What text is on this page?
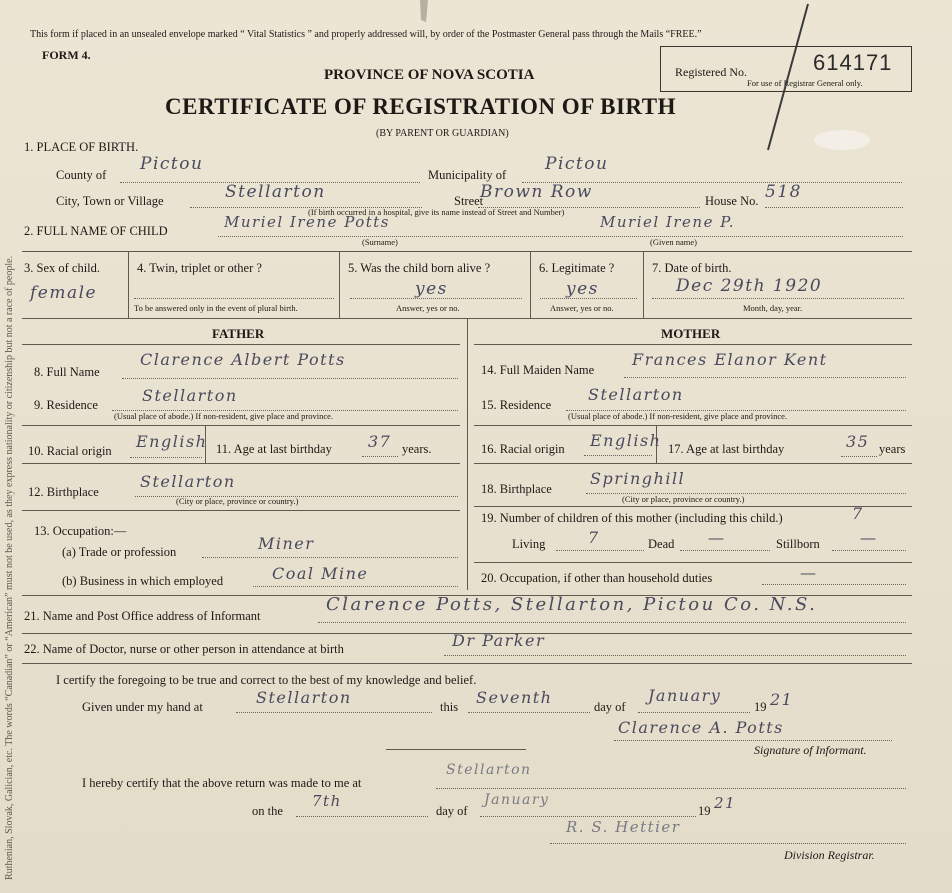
Ruthenian, Slovak, Galician, etc. The words “Canadian” or “American” must not be used, as they express nationality or citizenship but not a race of people.
This form if placed in an unsealed envelope marked “ Vital Statistics ” and properly addressed will, by order of the Postmaster General pass through the Mails “FREE.”
FORM 4.
PROVINCE OF NOVA SCOTIA
CERTIFICATE OF REGISTRATION OF BIRTH
(BY PARENT OR GUARDIAN)
Registered No.	614171
For use of Registrar General only.
1. PLACE OF BIRTH.
County of
Pictou
Municipality of
Pictou
City, Town or Village	Stellarton	Street
Brown Row	House No. 518
(If birth occurred in a hospital, give its name instead of Street and Number)
2. FULL NAME OF CHILD	Muriel Irene Potts	Muriel Irene P.
(Surname)	(Given name)
3. Sex of child.
female
4. Twin, triplet or other ?
To be answered only in the event of plural birth.
5. Was the child born alive ?
yes
Answer, yes or no.
6. Legitimate ?
yes
Answer, yes or no.
7. Date of birth.
Dec 29th 1920
Month, day, year.
FATHER
8. Full Name
Clarence Albert Potts
9. Residence	Stellarton
(Usual place of abode.) If non-resident, give place and province.
10. Racial origin English 11. Age at last birthday 37 years.
12. Birthplace
Stellarton
(City or place, province or country.)
13. Occupation:—
(a) Trade or profession	Miner
(b) Business in which employed	Coal Mine
MOTHER
14. Full Maiden Name
Frances Elanor Kent
15. Residence
Stellarton
(Usual place of abode.) If non-resident, give place and province.
16. Racial origin English 17. Age at last birthday	35 years
18. Birthplace
Springhill
(City or place, province or country.)
19. Number of children of this mother (including this child.)	7
Living	7	Dead —	Stillborn	—
20. Occupation, if other than household duties	—
21. Name and Post Office address of Informant
Clarence Potts, Stellarton, Pictou Co. N.S.
22. Name of Doctor, nurse or other person in attendance at birth	Dr Parker
I certify the foregoing to be true and correct to the best of my knowledge and belief.
Given under my hand at	Stellarton	this Seventh	day of
January
19 21
Clarence A. Potts
Signature of Informant.
I hereby certify that the above return was made to me at
Stellarton
on the
7th
day of
January
19 21
R. S. Hettier
Division Registrar.
